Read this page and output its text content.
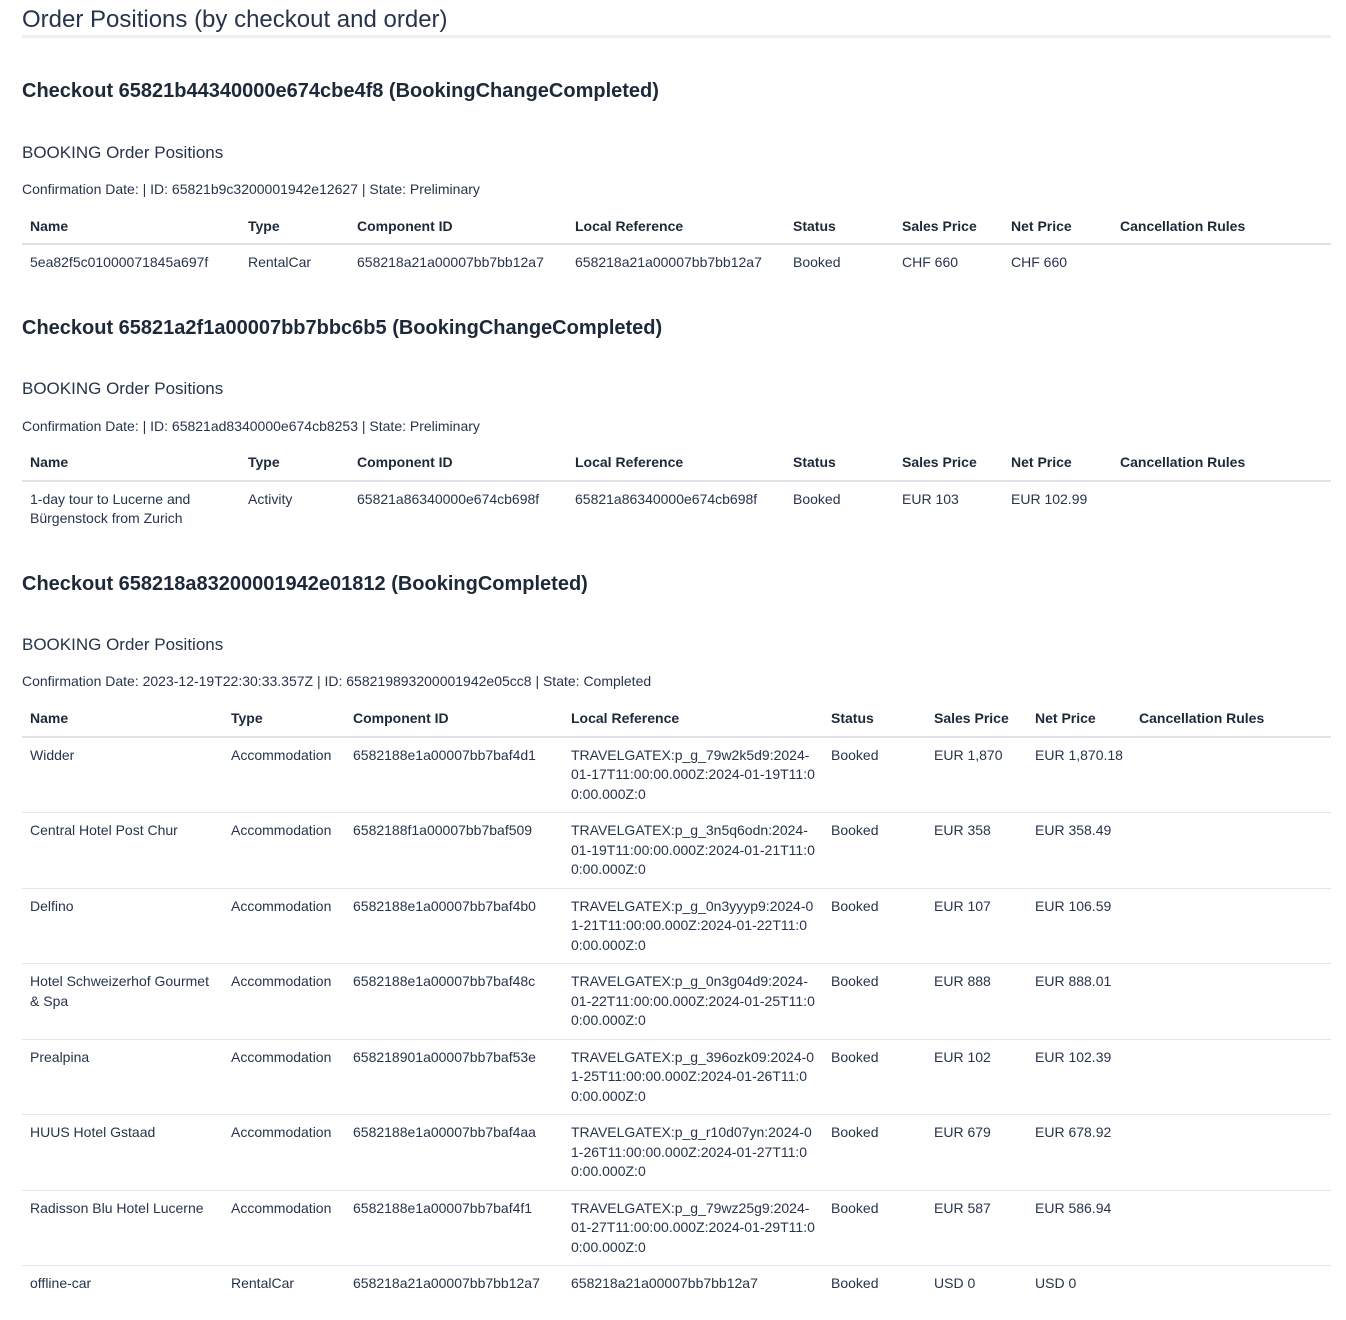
Order Positions (by checkout and order)
Checkout 65821b44340000e674cbe4f8 (BookingChangeCompleted)
BOOKING Order Positions

Confirmation Date: | ID: 65821b9c3200001942e12627 | State: Preliminary

Name	Type	Component ID	Local Reference	Status	Sales Price	Net Price	Cancellation Rules
5ea82f5c01000071845a697f	RentalCar	658218a21a00007bb7bb12a7	658218a21a00007bb7bb12a7	Booked	CHF 660	CHF 660	
Checkout 65821a2f1a00007bb7bbc6b5 (BookingChangeCompleted)
BOOKING Order Positions

Confirmation Date: | ID: 65821ad8340000e674cb8253 | State: Preliminary

Name	Type	Component ID	Local Reference	Status	Sales Price	Net Price	Cancellation Rules
1-day tour to Lucerne and Bürgenstock from Zurich	Activity	65821a86340000e674cb698f	65821a86340000e674cb698f	Booked	EUR 103	EUR 102.99	
Checkout 658218a83200001942e01812 (BookingCompleted)
BOOKING Order Positions

Confirmation Date: 2023-12-19T22:30:33.357Z | ID: 658219893200001942e05cc8 | State: Completed

Name	Type	Component ID	Local Reference	Status	Sales Price	Net Price	Cancellation Rules
Widder	Accommodation	6582188e1a00007bb7baf4d1	TRAVELGATEX:p_g_79w2k5d9:2024-01-17T11:00:00.000Z:2024-01-19T11:00:00.000Z:0	Booked	EUR 1,870	EUR 1,870.18	
Central Hotel Post Chur	Accommodation	6582188f1a00007bb7baf509	TRAVELGATEX:p_g_3n5q6odn:2024-01-19T11:00:00.000Z:2024-01-21T11:00:00.000Z:0	Booked	EUR 358	EUR 358.49	
Delfino	Accommodation	6582188e1a00007bb7baf4b0	TRAVELGATEX:p_g_0n3yyyp9:2024-01-21T11:00:00.000Z:2024-01-22T11:00:00.000Z:0	Booked	EUR 107	EUR 106.59	
Hotel Schweizerhof Gourmet & Spa	Accommodation	6582188e1a00007bb7baf48c	TRAVELGATEX:p_g_0n3g04d9:2024-01-22T11:00:00.000Z:2024-01-25T11:00:00.000Z:0	Booked	EUR 888	EUR 888.01	
Prealpina	Accommodation	658218901a00007bb7baf53e	TRAVELGATEX:p_g_396ozk09:2024-01-25T11:00:00.000Z:2024-01-26T11:00:00.000Z:0	Booked	EUR 102	EUR 102.39	
HUUS Hotel Gstaad	Accommodation	6582188e1a00007bb7baf4aa	TRAVELGATEX:p_g_r10d07yn:2024-01-26T11:00:00.000Z:2024-01-27T11:00:00.000Z:0	Booked	EUR 679	EUR 678.92	
Radisson Blu Hotel Lucerne	Accommodation	6582188e1a00007bb7baf4f1	TRAVELGATEX:p_g_79wz25g9:2024-01-27T11:00:00.000Z:2024-01-29T11:00:00.000Z:0	Booked	EUR 587	EUR 586.94	
offline-car	RentalCar	658218a21a00007bb7bb12a7	658218a21a00007bb7bb12a7	Booked	USD 0	USD 0	
